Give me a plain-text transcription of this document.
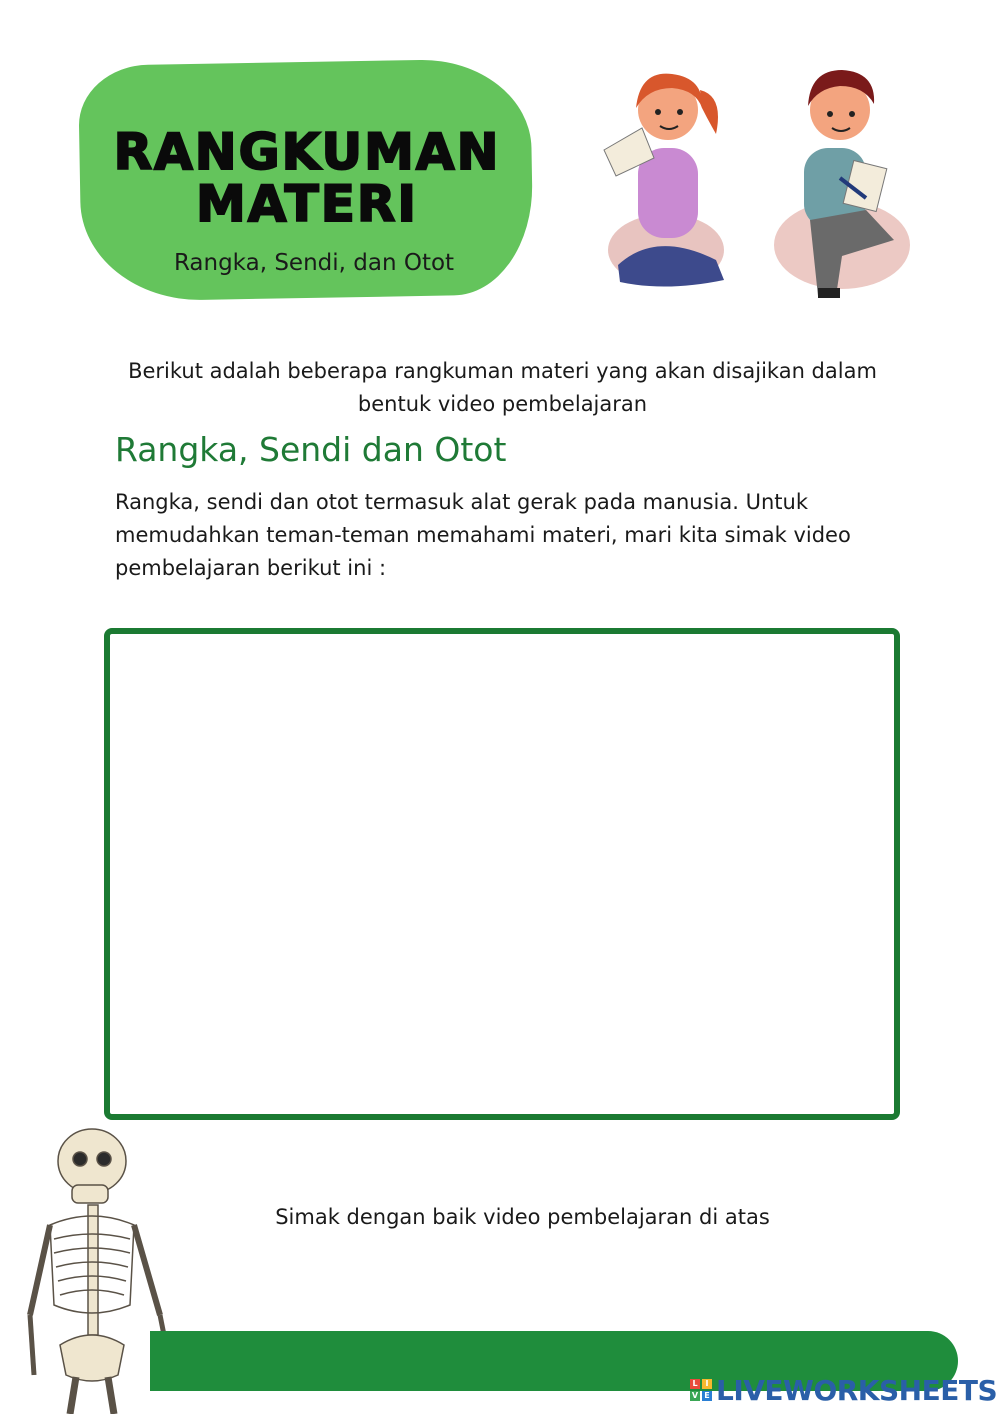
RANGKUMAN MATERI
Rangka, Sendi, dan Otot
Berikut adalah beberapa rangkuman materi yang akan disajikan dalam bentuk video pembelajaran
Rangka, Sendi dan Otot
Rangka, sendi dan otot termasuk alat gerak pada manusia. Untuk memudahkan teman-teman memahami materi, mari kita simak video pembelajaran berikut ini :
Simak dengan baik video pembelajaran di atas
L I
V E LIVEWORKSHEETS
